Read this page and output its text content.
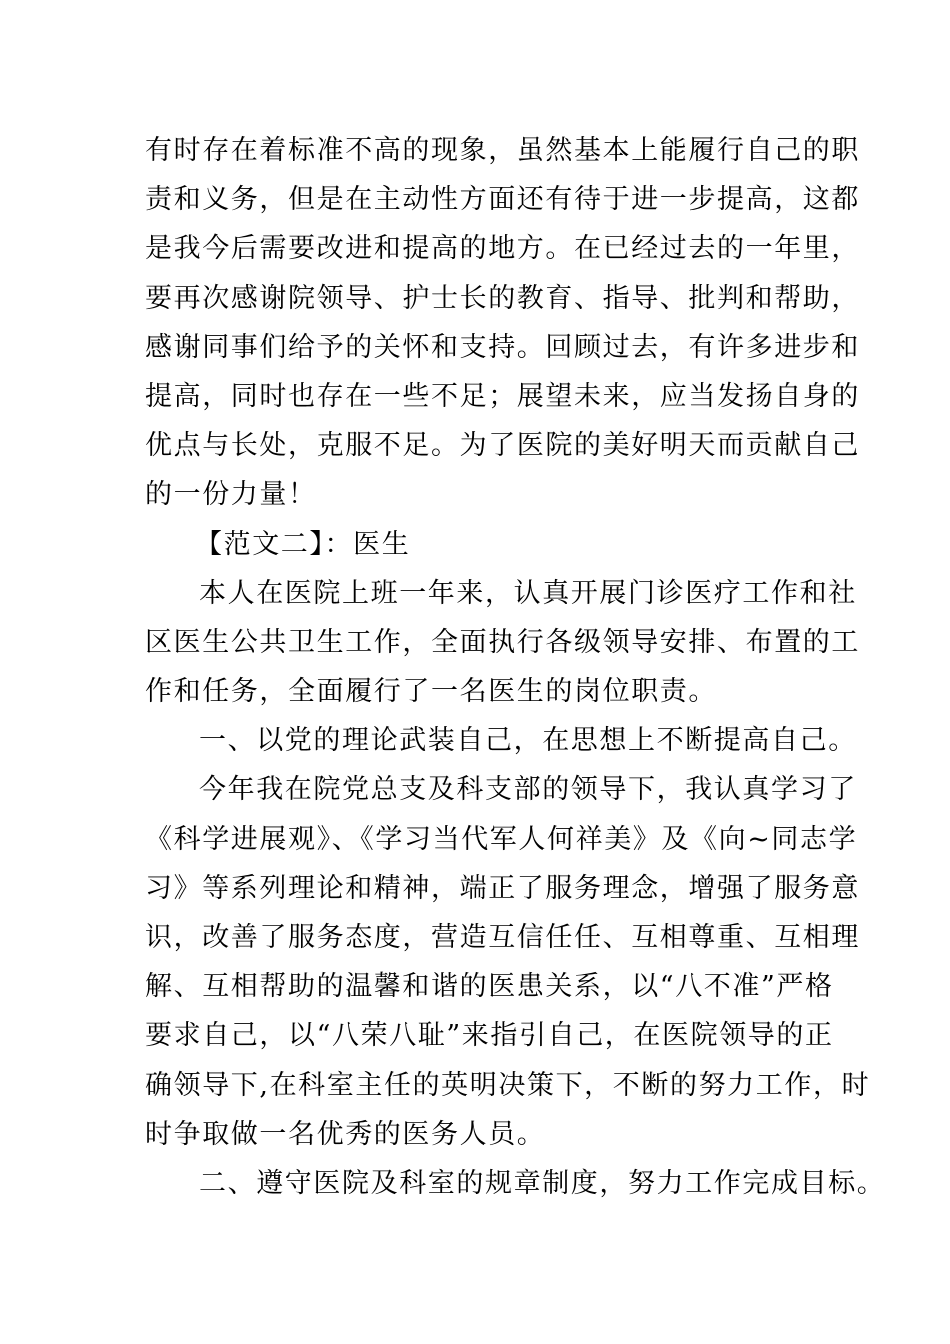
有时存在着标准不高的现象，虽然基本上能履行自己的职
责和义务，但是在主动性方面还有待于进一步提高，这都
是我今后需要改进和提高的地方。在已经过去的一年里，
要再次感谢院领导、护士长的教育、指导、批判和帮助，
感谢同事们给予的关怀和支持。回顾过去，有许多进步和
提高，同时也存在一些不足；展望未来，应当发扬自身的
优点与长处，克服不足。为了医院的美好明天而贡献自己
的一份力量！
【范文二】：医生
本人在医院上班一年来，认真开展门诊医疗工作和社
区医生公共卫生工作，全面执行各级领导安排、布置的工
作和任务，全面履行了一名医生的岗位职责。
一、以党的理论武装自己，在思想上不断提高自己。
今年我在院党总支及科支部的领导下，我认真学习了
《科学进展观》、《学习当代军人何祥美》及《向~同志学
习》等系列理论和精神，端正了服务理念，增强了服务意
识，改善了服务态度，营造互信任任、互相尊重、互相理
解、互相帮助的温馨和谐的医患关系，以“八不准”严格
要求自己，以“八荣八耻”来指引自己，在医院领导的正
确领导下,在科室主任的英明决策下，不断的努力工作，时
时争取做一名优秀的医务人员。
二、遵守医院及科室的规章制度，努力工作完成目标。
